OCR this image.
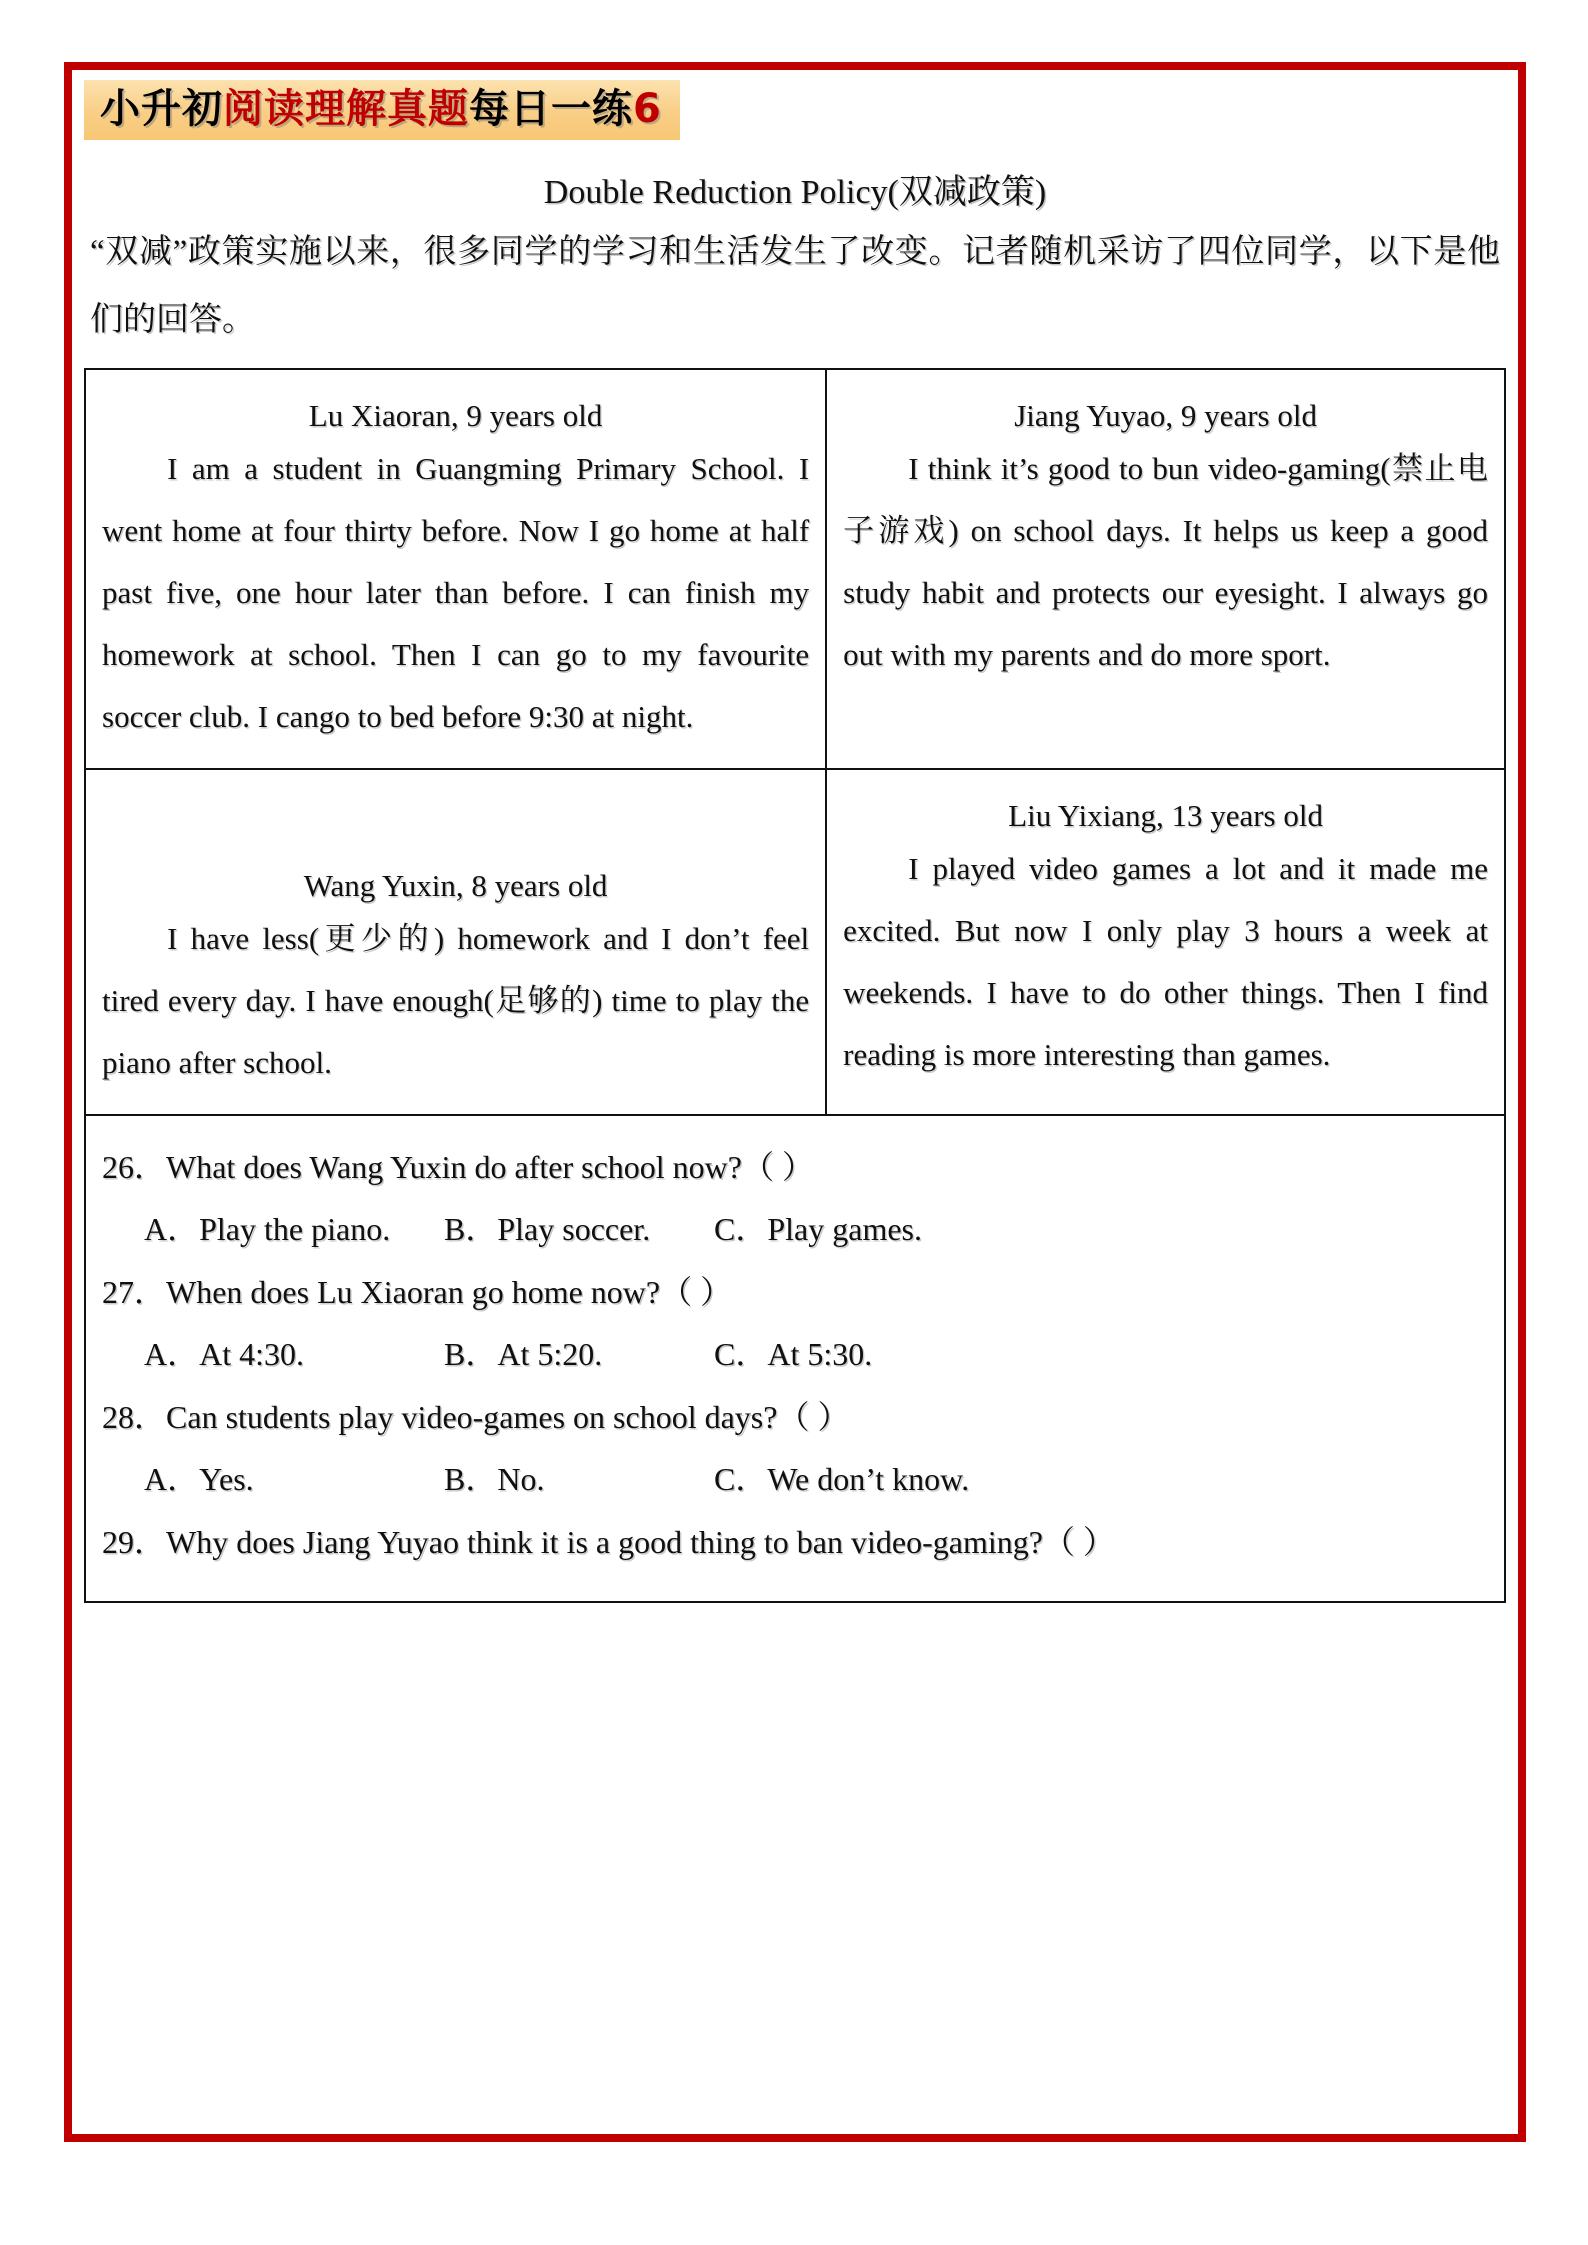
小升初阅读理解真题每日一练6
Double Reduction Policy(双减政策)
“双减”政策实施以来，很多同学的学习和生活发生了改变。记者随机采访了四位同学，以下是他们的回答。
Lu Xiaoran, 9 years old
I am a student in Guangming Primary School. I went home at four thirty before. Now I go home at half past five, one hour later than before. I can finish my homework at school. Then I can go to my favourite soccer club. I cango to bed before 9:30 at night.

Jiang Yuyao, 9 years old
I think it’s good to bun video-gaming(禁止电子游戏) on school days. It helps us keep a good study habit and protects our eyesight. I always go out with my parents and do more sport.

Wang Yuxin, 8 years old
I have less(更少的) homework and I don’t feel tired every day. I have enough(足够的) time to play the piano after school.

Liu Yixiang, 13 years old
I played video games a lot and it made me excited. But now I only play 3 hours a week at weekends. I have to do other things. Then I find reading is more interesting than games.
26．What does Wang Yuxin do after school now?（ ）
A．Play the piano. B．Play soccer. C．Play games.
27．When does Lu Xiaoran go home now?（ ）
A．At 4:30.	B．At 5:20.	C．At 5:30.
28．Can students play video-games on school days?（ ）
A．Yes.	B．No.	C．We don’t know.
29．Why does Jiang Yuyao think it is a good thing to ban video-gaming?（ ）
